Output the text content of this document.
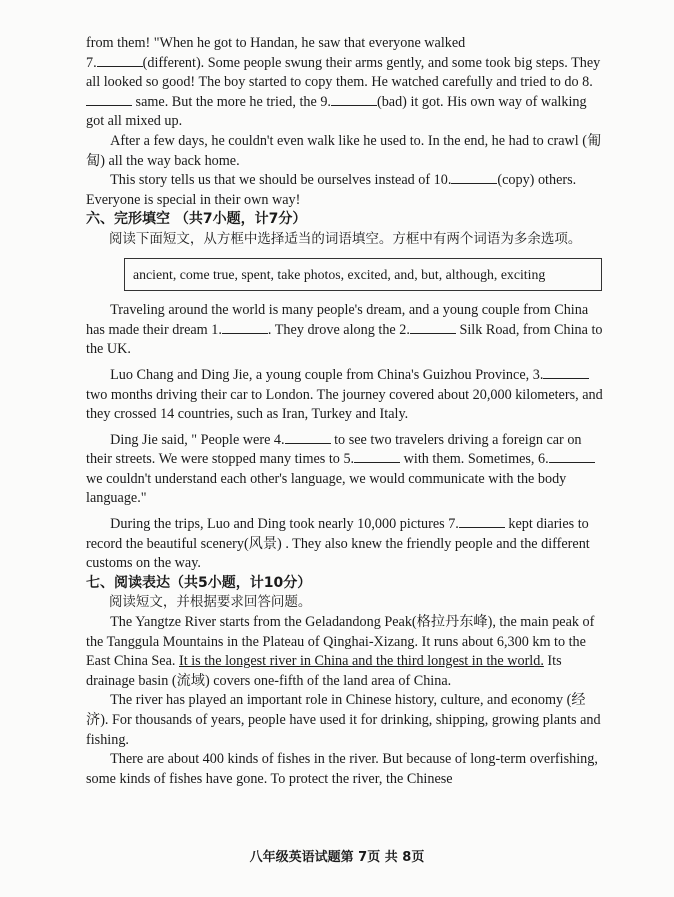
from them! "When he got to Handan, he saw that everyone walked
7.	(different). Some people swung their arms gently, and some took big steps. They all looked so good! The boy started to copy them. He watched carefully and tried to do 8. same. But the more he tried, the 9.	(bad) it got. His own way of walking got all mixed up.

After a few days, he couldn't even walk like he used to. In the end, he had to crawl (匍匐) all the way back home.

This story tells us that we should be ourselves instead of 10.	(copy) others. Everyone is special in their own way!

六、完形填空 （共7小题，计7分）

阅读下面短文，从方框中选择适当的词语填空。方框中有两个词语为多余选项。

ancient, come true, spent, take photos, excited, and, but, although, exciting

Traveling around the world is many people's dream, and a young couple from China has made their dream 1.	. They drove along the 2.	Silk Road, from China to the UK.

Luo Chang and Ding Jie, a young couple from China's Guizhou Province, 3. two months driving their car to London. The journey covered about 20,000 kilometers, and they crossed 14 countries, such as Iran, Turkey and Italy.

Ding Jie said, " People were 4.	to see two travelers driving a foreign car on their streets. We were stopped many times to 5.	with them. Sometimes, 6. we couldn't understand each other's language, we would communicate with the body language."

During the trips, Luo and Ding took nearly 10,000 pictures 7.	kept diaries to record the beautiful scenery(风景) . They also knew the friendly people and the different customs on the way.

七、阅读表达（共5小题，计10分）

阅读短文，并根据要求回答问题。

The Yangtze River starts from the Geladandong Peak(格拉丹东峰), the main peak of the Tanggula Mountains in the Plateau of Qinghai-Xizang. It runs about 6,300 km to the East China Sea. It is the longest river in China and the third longest in the world. Its drainage basin (流域) covers one-fifth of the land area of China.

The river has played an important role in Chinese history, culture, and economy (经济). For thousands of years, people have used it for drinking, shipping, growing plants and fishing.

There are about 400 kinds of fishes in the river. But because of long-term overfishing, some kinds of fishes have gone. To protect the river, the Chinese

八年级英语试题第 7页 共 8页
